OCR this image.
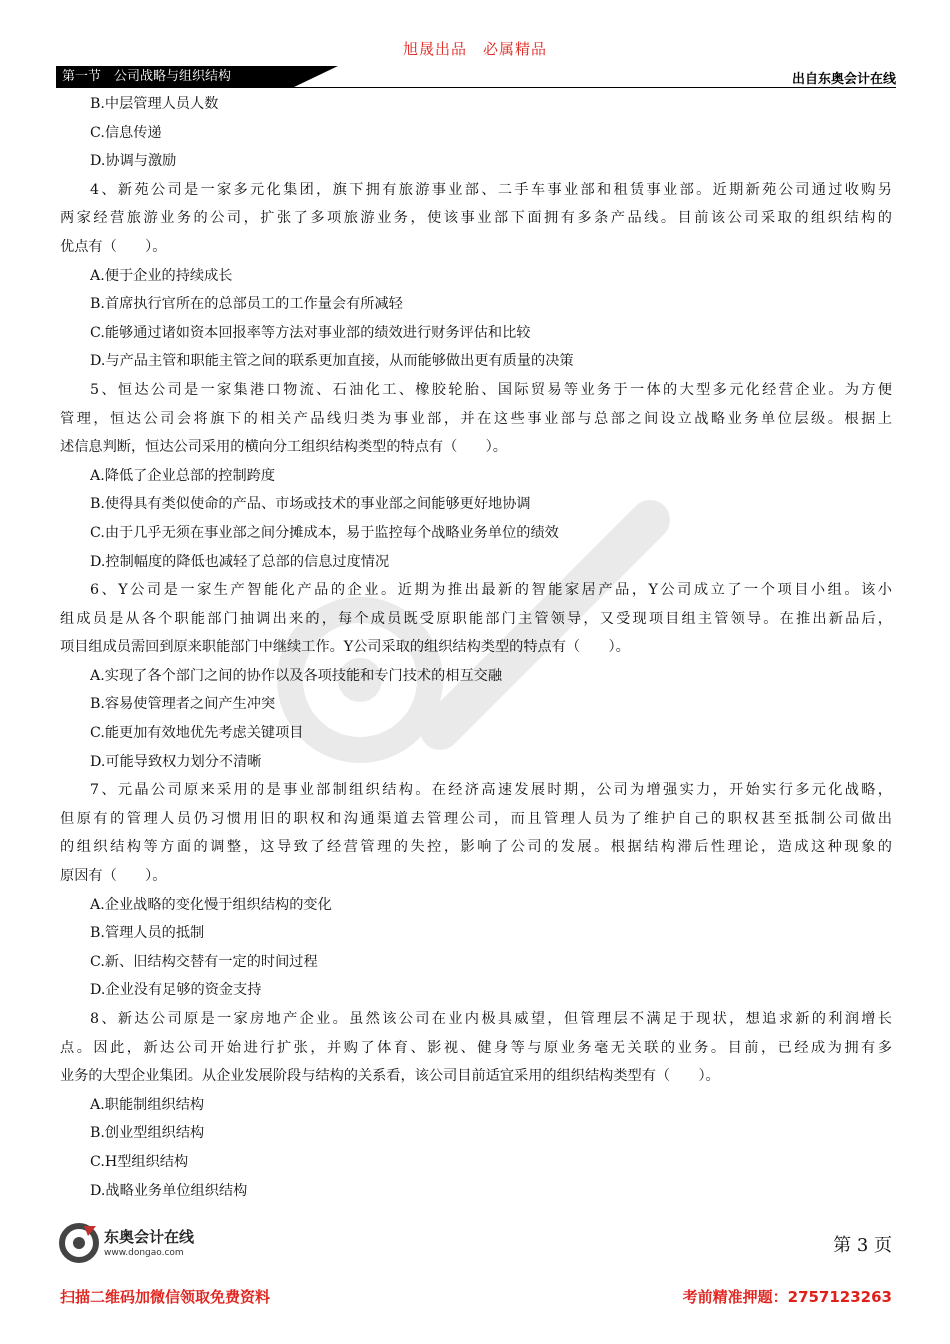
旭晟出品　必属精品
第一节　公司战略与组织结构	出自东奥会计在线
B.中层管理人员人数
C.信息传递
D.协调与激励
4、新苑公司是一家多元化集团，旗下拥有旅游事业部、二手车事业部和租赁事业部。近期新苑公司通过收购另
两家经营旅游业务的公司，扩张了多项旅游业务，使该事业部下面拥有多条产品线。目前该公司采取的组织结构的
优点有（　　）。
A.便于企业的持续成长
B.首席执行官所在的总部员工的工作量会有所减轻
C.能够通过诸如资本回报率等方法对事业部的绩效进行财务评估和比较
D.与产品主管和职能主管之间的联系更加直接，从而能够做出更有质量的决策
5、恒达公司是一家集港口物流、石油化工、橡胶轮胎、国际贸易等业务于一体的大型多元化经营企业。为方便
管理，恒达公司会将旗下的相关产品线归类为事业部，并在这些事业部与总部之间设立战略业务单位层级。根据上
述信息判断，恒达公司采用的横向分工组织结构类型的特点有（　　）。
A.降低了企业总部的控制跨度
B.使得具有类似使命的产品、市场或技术的事业部之间能够更好地协调
C.由于几乎无须在事业部之间分摊成本，易于监控每个战略业务单位的绩效
D.控制幅度的降低也减轻了总部的信息过度情况
6、Y公司是一家生产智能化产品的企业。近期为推出最新的智能家居产品，Y公司成立了一个项目小组。该小
组成员是从各个职能部门抽调出来的，每个成员既受原职能部门主管领导，又受现项目组主管领导。在推出新品后，
项目组成员需回到原来职能部门中继续工作。Y公司采取的组织结构类型的特点有（　　）。
A.实现了各个部门之间的协作以及各项技能和专门技术的相互交融
B.容易使管理者之间产生冲突
C.能更加有效地优先考虑关键项目
D.可能导致权力划分不清晰
7、元晶公司原来采用的是事业部制组织结构。在经济高速发展时期，公司为增强实力，开始实行多元化战略，
但原有的管理人员仍习惯用旧的职权和沟通渠道去管理公司，而且管理人员为了维护自己的职权甚至抵制公司做出
的组织结构等方面的调整，这导致了经营管理的失控，影响了公司的发展。根据结构滞后性理论，造成这种现象的
原因有（　　）。
A.企业战略的变化慢于组织结构的变化
B.管理人员的抵制
C.新、旧结构交替有一定的时间过程
D.企业没有足够的资金支持
8、新达公司原是一家房地产企业。虽然该公司在业内极具威望，但管理层不满足于现状，想追求新的利润增长
点。因此，新达公司开始进行扩张，并购了体育、影视、健身等与原业务毫无关联的业务。目前，已经成为拥有多
业务的大型企业集团。从企业发展阶段与结构的关系看，该公司目前适宜采用的组织结构类型有（　　）。
A.职能制组织结构
B.创业型组织结构
C.H型组织结构
D.战略业务单位组织结构
东奥会计在线
www.dongao.com	第 3 页
扫描二维码加微信领取免费资料	考前精准押题：2757123263
